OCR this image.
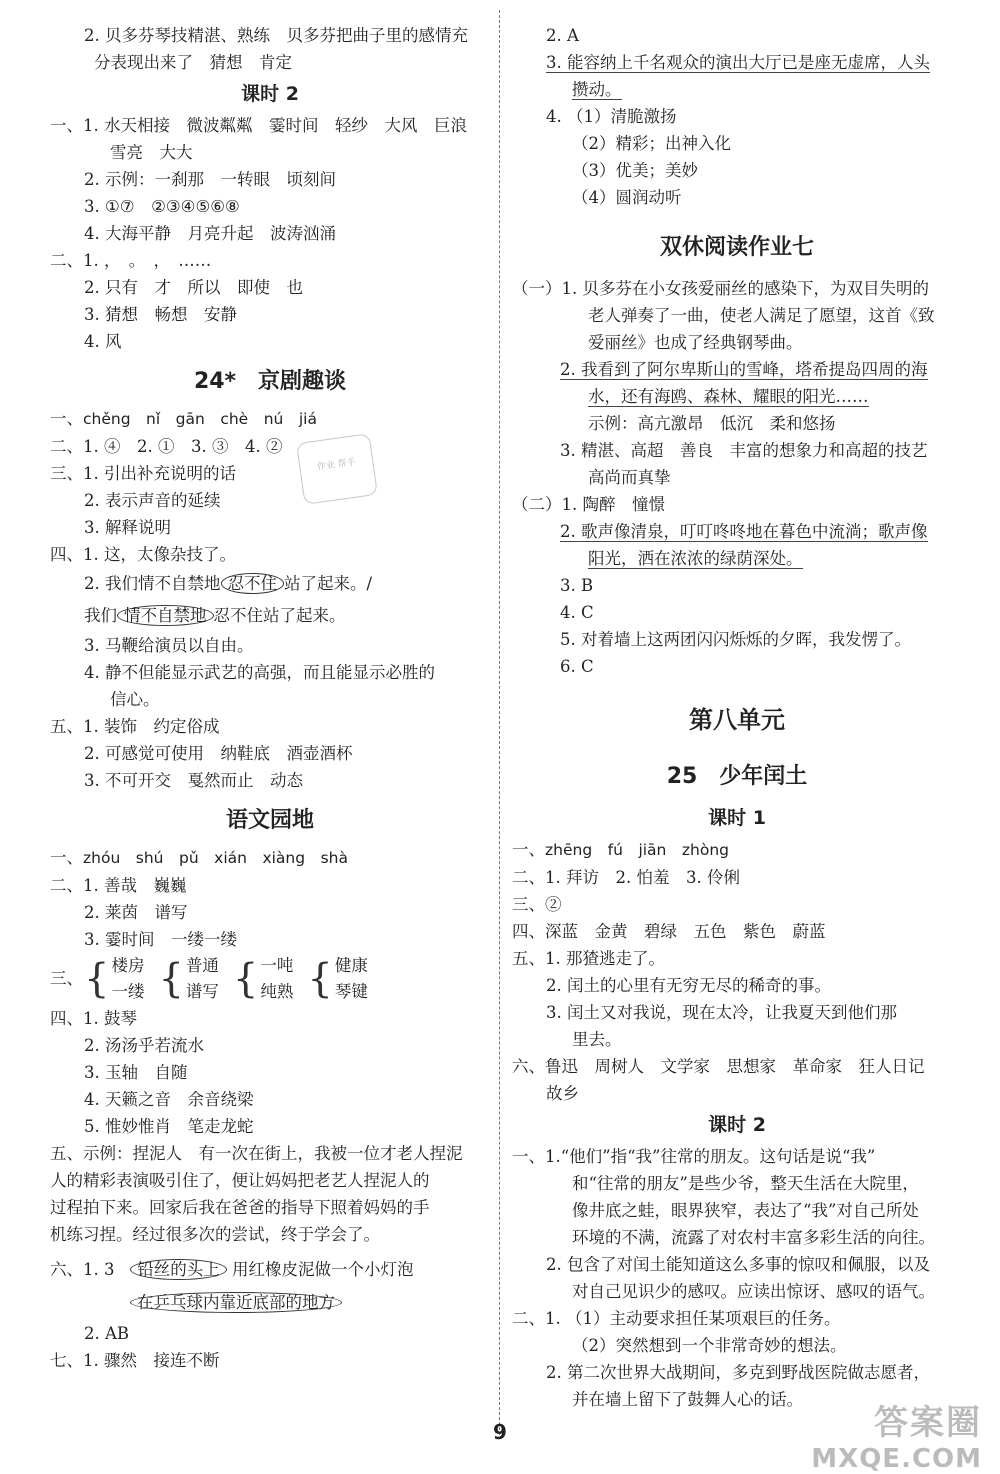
2. 贝多芬琴技精湛、熟练　贝多芬把曲子里的感情充
分表现出来了　猜想　肯定
课时 2
一、1. 水天相接　微波粼粼　霎时间　轻纱　大风　巨浪
雪亮　大大
2. 示例：一刹那　一转眼　顷刻间
3. ①⑦　②③④⑤⑥⑧
4. 大海平静　月亮升起　波涛汹涌
二、1. ，　。　，　……
2. 只有　才　所以　即使　也
3. 猜想　畅想　安静
4. 风
24*　京剧趣谈
一、chěng　nǐ　gān　chè　nú　jiá
二、1. ④　2. ①　3. ③　4. ②
三、1. 引出补充说明的话
2. 表示声音的延续
3. 解释说明
四、1. 这，太像杂技了。
2. 我们情不自禁地 忍不住 站了起来。/
我们 情不自禁地 忍不住站了起来。
3. 马鞭给演员以自由。
4. 静不但能显示武艺的高强，而且能显示必胜的
信心。
五、1. 装饰　约定俗成
2. 可感觉可使用　纳鞋底　酒壶酒杯
3. 不可开交　戛然而止　动态
语文园地
一、zhóu　shú　pǔ　xián　xiàng　shà
二、1. 善哉　巍巍
2. 莱茵　谱写
3. 霎时间　一缕一缕
三、 { 楼房
一缕 { 普通
谱写 { 一吨
纯熟 { 健康
琴键
四、1. 鼓琴
2. 汤汤乎若流水
3. 玉轴　自随
4. 天籁之音　余音绕梁
5. 惟妙惟肖　笔走龙蛇
五、示例：捏泥人　有一次在街上，我被一位才老人捏泥
人的精彩表演吸引住了，便让妈妈把老艺人捏泥人的
过程拍下来。回家后我在爸爸的指导下照着妈妈的手
机练习捏。经过很多次的尝试，终于学会了。
六、1. 3 铅丝的头上 用红橡皮泥做一个小灯泡
在乒乓球内靠近底部的地方
2. AB
七、1. 骤然　接连不断
作业 帮手
2. A
3. 能容纳上千名观众的演出大厅已是座无虚席，人头
攒动。
4. （1）清脆激扬
（2）精彩；出神入化
（3）优美；美妙
（4）圆润动听
双休阅读作业七
（一）1. 贝多芬在小女孩爱丽丝的感染下，为双目失明的
老人弹奏了一曲，使老人满足了愿望，这首《致
爱丽丝》也成了经典钢琴曲。
2. 我看到了阿尔卑斯山的雪峰，塔希提岛四周的海
水，还有海鸥、森林、耀眼的阳光……
示例：高亢激昂　低沉　柔和悠扬
3. 精湛、高超　善良　丰富的想象力和高超的技艺
高尚而真挚
（二）1. 陶醉　憧憬
2. 歌声像清泉，叮叮咚咚地在暮色中流淌；歌声像
阳光，洒在浓浓的绿荫深处。
3. B
4. C
5. 对着墙上这两团闪闪烁烁的夕晖，我发愣了。
6. C
第八单元
25　少年闰土
课时 1
一、zhēng　fú　jiān　zhòng
二、1. 拜访　2. 怕羞　3. 伶俐
三、②
四、深蓝　金黄　碧绿　五色　紫色　蔚蓝
五、1. 那猹逃走了。
2. 闰土的心里有无穷无尽的稀奇的事。
3. 闰土又对我说，现在太冷，让我夏天到他们那
里去。
六、鲁迅　周树人　文学家　思想家　革命家　狂人日记
故乡
课时 2
一、1.“他们”指“我”往常的朋友。这句话是说“我”
和“往常的朋友”是些少爷，整天生活在大院里，
像井底之蛙，眼界狭窄，表达了“我”对自己所处
环境的不满，流露了对农村丰富多彩生活的向往。
2. 包含了对闰土能知道这么多事的惊叹和佩服，以及
对自己见识少的感叹。应读出惊讶、感叹的语气。
二、1. （1）主动要求担任某项艰巨的任务。
（2）突然想到一个非常奇妙的想法。
2. 第二次世界大战期间，多克到野战医院做志愿者，
并在墙上留下了鼓舞人心的话。
9	答案圈
MXQE.COM
